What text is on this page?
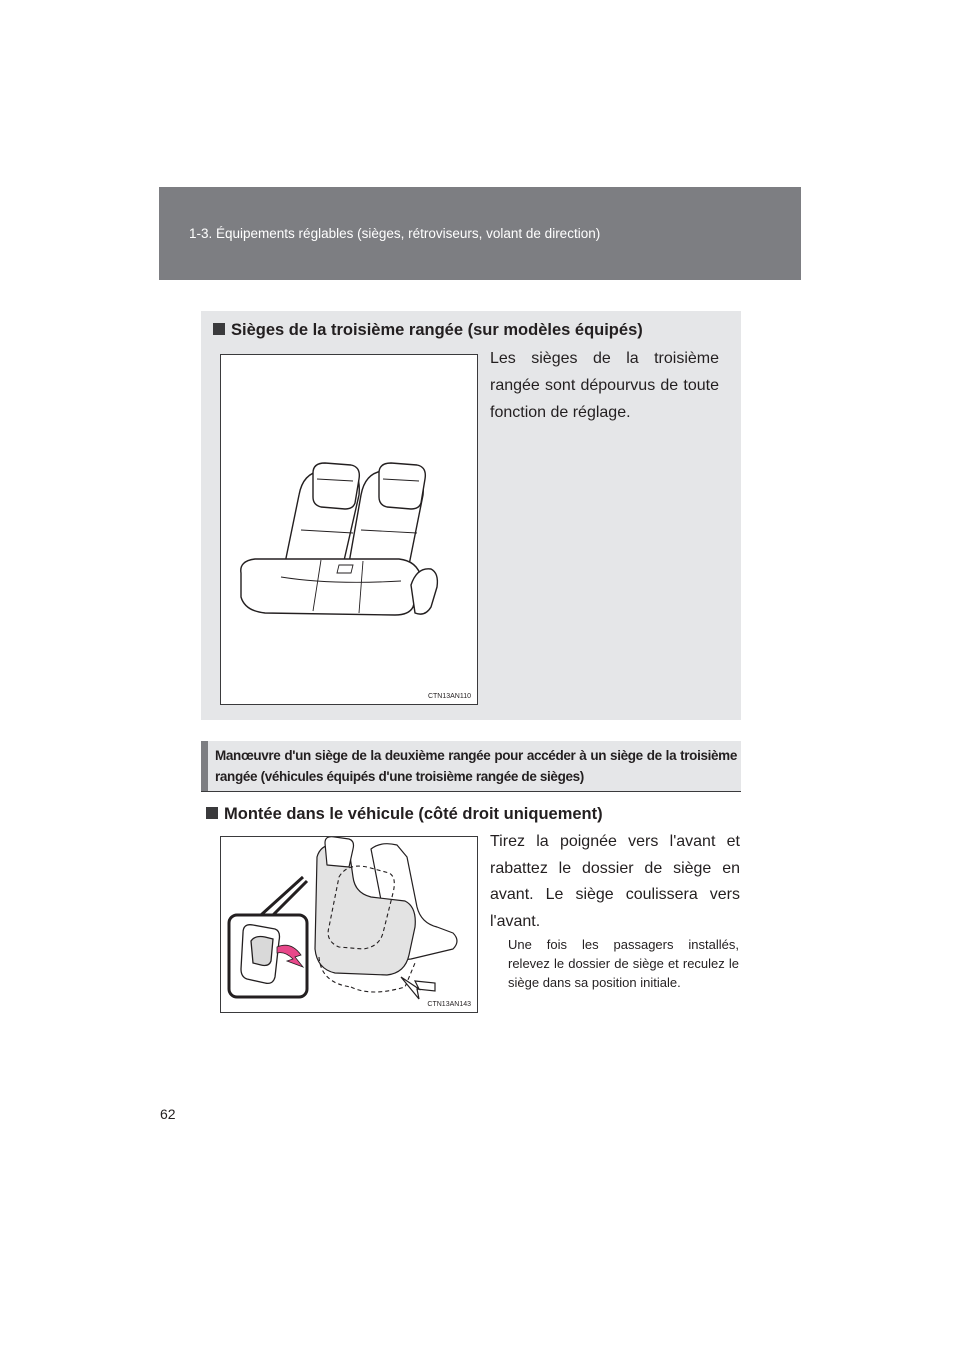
1-3. Équipements réglables (sièges, rétroviseurs, volant de direction)
Sièges de la troisième rangée (sur modèles équipés)
CTN13AN110
Les sièges de la troisième rangée sont dépourvus de toute fonction de réglage.
Manœuvre d'un siège de la deuxième rangée pour accéder à un siège de la troisième rangée (véhicules équipés d'une troisième rangée de sièges)
Montée dans le véhicule (côté droit uniquement)
CTN13AN143
Tirez la poignée vers l'avant et rabattez le dossier de siège en avant. Le siège coulissera vers l'avant.
Une fois les passagers installés, relevez le dossier de siège et reculez le siège dans sa position initiale.
62
